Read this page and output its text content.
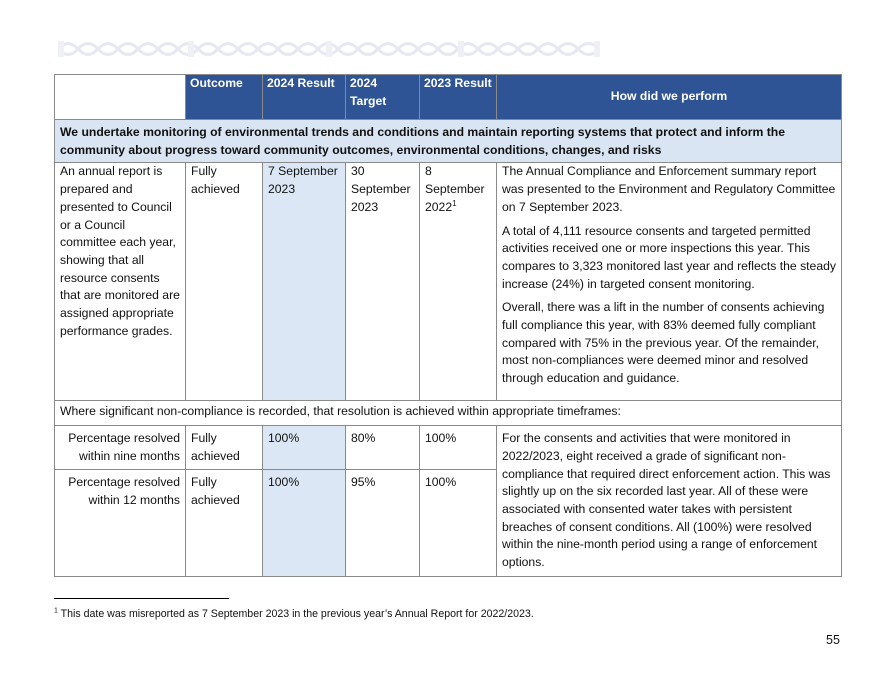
	Outcome	2024 Result	2024 Target	2023 Result	How did we perform
We undertake monitoring of environmental trends and conditions and maintain reporting systems that protect and inform the community about progress toward community outcomes, environmental conditions, changes, and risks					
An annual report is prepared and presented to Council or a Council committee each year, showing that all resource consents that are monitored are assigned appropriate performance grades.	Fully achieved	7 September 2023	30 September 2023	8 September 2022$^1$	The Annual Compliance and Enforcement summary report was presented to the Environment and Regulatory Committee on 7 September 2023.

A total of 4,111 resource consents and targeted permitted activities received one or more inspections this year. This compares to 3,323 monitored last year and reflects the steady increase (24%) in targeted consent monitoring.

Overall, there was a lift in the number of consents achieving full compliance this year, with 83% deemed fully compliant compared with 75% in the previous year. Of the remainder, most non-compliances were deemed minor and resolved through education and guidance.

Where significant non-compliance is recorded, that resolution is achieved within appropriate timeframes:					
Percentage resolved within nine months	Fully achieved	100%	80%	100%	For the consents and activities that were monitored in 2022/2023, eight received a grade of significant non-compliance that required direct enforcement action. This was slightly up on the six recorded last year. All of these were associated with consented water takes with persistent breaches of consent conditions. All (100%) were resolved within the nine-month period using a range of enforcement options.
Percentage resolved within 12 months	Fully achieved	100%	95%	100%	
$^1$ This date was misreported as 7 September 2023 in the previous year’s Annual Report for 2022/2023.
55
